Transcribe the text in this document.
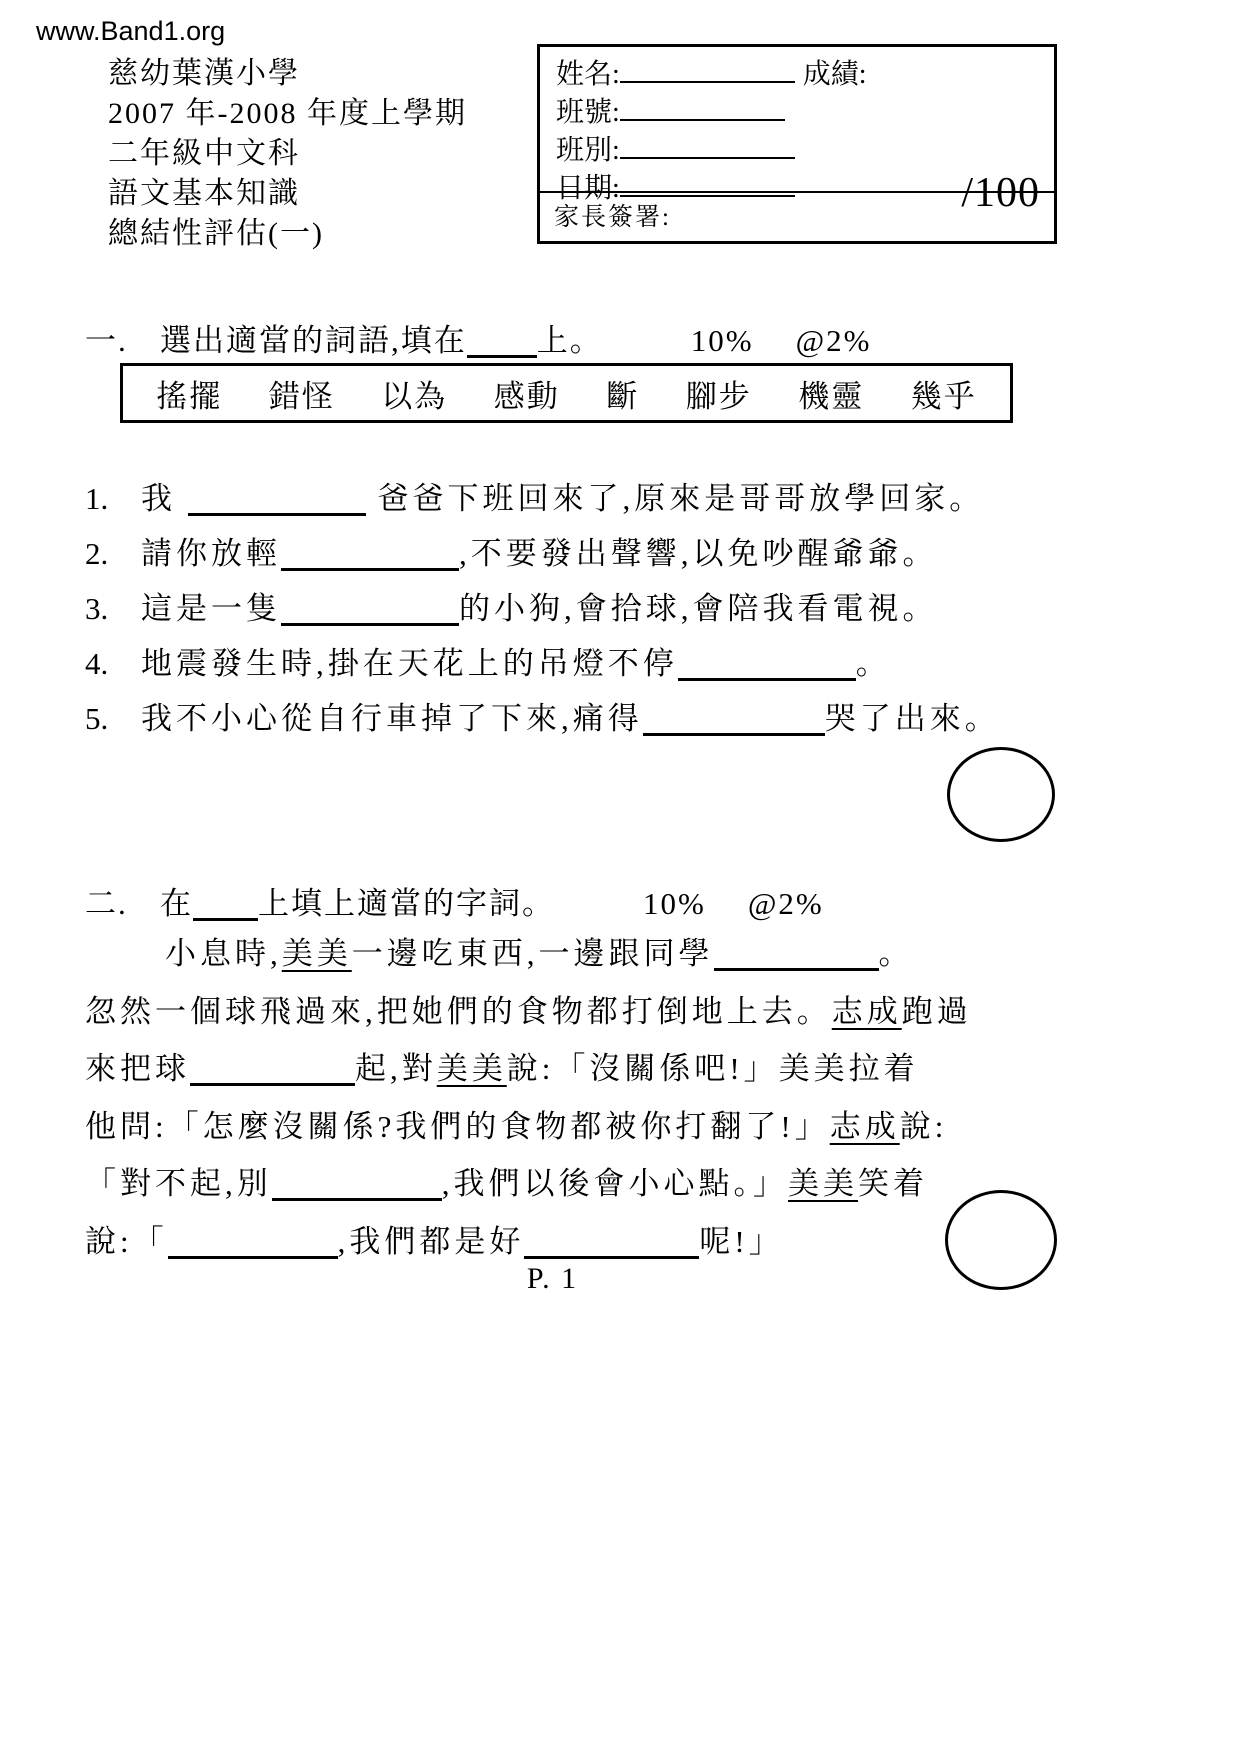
www.Band1.org
慈幼葉漢小學
2007 年-2008 年度上學期
二年級中文科
語文基本知識
總結性評估(一)
姓名:	成績:
班號:
班別:
日期:	/100
家長簽署:
一.	選出適當的詞語,填在 上。	10% @2%
搖擺 錯怪 以為 感動 斷 腳步 機靈 幾乎
1.	我	爸爸下班回來了,原來是哥哥放學回家。
2.	請你放輕	,不要發出聲響,以免吵醒爺爺。
3.	這是一隻	的小狗,會拾球,會陪我看電視。
4.	地震發生時,掛在天花上的吊燈不停	。
5.	我不小心從自行車掉了下來,痛得	哭了出來。
二.	在 上填上適當的字詞。	10% @2%
小息時,美美一邊吃東西,一邊跟同學	。
忽然一個球飛過來,把她們的食物都打倒地上去。志成跑過
來把球	起,對美美說:「沒關係吧!」美美拉着
他問:「怎麼沒關係?我們的食物都被你打翻了!」志成說:
「對不起,別	,我們以後會小心點。」美美笑着
說:「	,我們都是好	呢!」
P. 1
